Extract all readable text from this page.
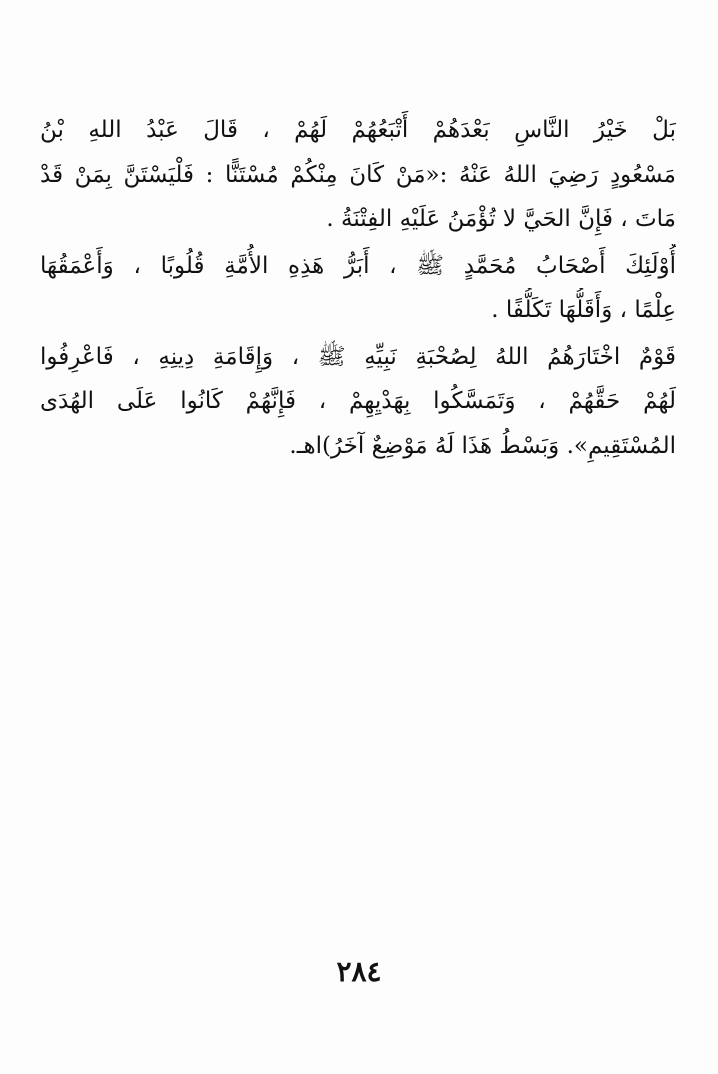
بَلْ خَيْرُ النَّاسِ بَعْدَهُمْ أَتْبَعُهُمْ لَهُمْ ، قَالَ عَبْدُ اللهِ بْنُ
مَسْعُودٍ رَضِيَ اللهُ عَنْهُ :«مَنْ كَانَ مِنْكُمْ مُسْتَنًّا : فَلْيَسْتَنَّ بِمَنْ قَدْ
مَاتَ ، فَإِنَّ الحَيَّ لا تُؤْمَنُ عَلَيْهِ الفِتْنَةُ .
أُوْلَئِكَ أَصْحَابُ مُحَمَّدٍ ﷺ ، أَبَرُّ هَذِهِ الأُمَّةِ قُلُوبًا ، وَأَعْمَقُهَا
عِلْمًا ، وَأَقَلُّهَا تَكَلُّفًا .
قَوْمٌ اخْتَارَهُمُ اللهُ لِصُحْبَةِ نَبِيِّهِ ﷺ ، وَإِقَامَةِ دِينِهِ ، فَاعْرِفُوا
لَهُمْ حَقَّهُمْ ، وَتَمَسَّكُوا بِهَدْيِهِمْ ، فَإِنَّهُمْ كَانُوا عَلَى الهُدَى
المُسْتَقِيمِ». وَبَسْطُ هَذَا لَهُ مَوْضِعٌ آخَرُ)اهـ.
٢٨٤
